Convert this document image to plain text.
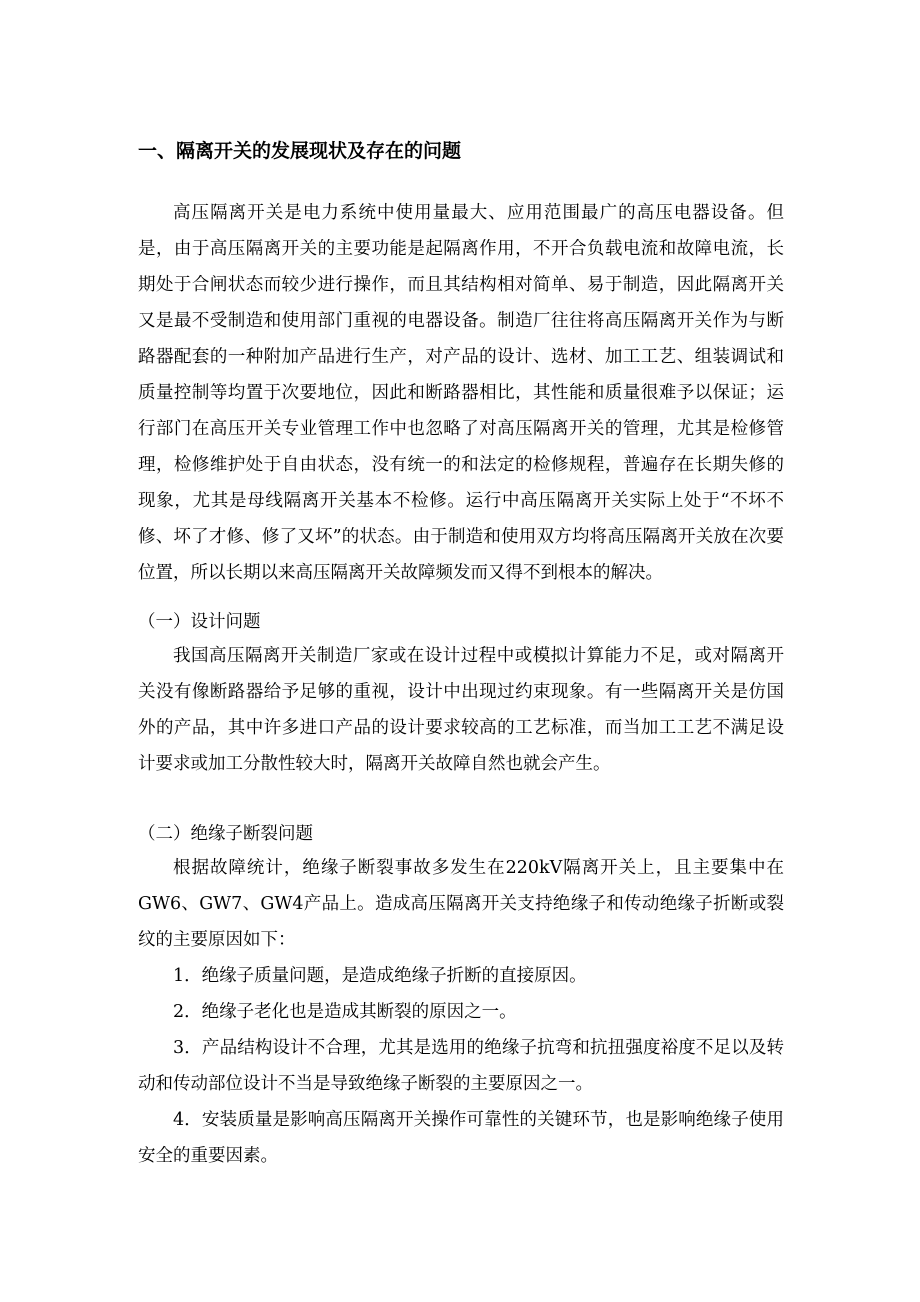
一、隔离开关的发展现状及存在的问题

高压隔离开关是电力系统中使用量最大、应用范围最广的高压电器设备。但是，由于高压隔离开关的主要功能是起隔离作用，不开合负载电流和故障电流，长期处于合闸状态而较少进行操作，而且其结构相对简单、易于制造，因此隔离开关又是最不受制造和使用部门重视的电器设备。制造厂往往将高压隔离开关作为与断路器配套的一种附加产品进行生产，对产品的设计、选材、加工工艺、组装调试和质量控制等均置于次要地位，因此和断路器相比，其性能和质量很难予以保证；运行部门在高压开关专业管理工作中也忽略了对高压隔离开关的管理，尤其是检修管理，检修维护处于自由状态，没有统一的和法定的检修规程，普遍存在长期失修的现象，尤其是母线隔离开关基本不检修。运行中高压隔离开关实际上处于“不坏不修、坏了才修、修了又坏”的状态。由于制造和使用双方均将高压隔离开关放在次要位置，所以长期以来高压隔离开关故障频发而又得不到根本的解决。

（一）设计问题

我国高压隔离开关制造厂家或在设计过程中或模拟计算能力不足，或对隔离开关没有像断路器给予足够的重视，设计中出现过约束现象。有一些隔离开关是仿国外的产品，其中许多进口产品的设计要求较高的工艺标准，而当加工工艺不满足设计要求或加工分散性较大时，隔离开关故障自然也就会产生。

（二）绝缘子断裂问题

根据故障统计，绝缘子断裂事故多发生在220kV隔离开关上，且主要集中在GW6、GW7、GW4产品上。造成高压隔离开关支持绝缘子和传动绝缘子折断或裂纹的主要原因如下：

1．绝缘子质量问题，是造成绝缘子折断的直接原因。

2．绝缘子老化也是造成其断裂的原因之一。

3．产品结构设计不合理，尤其是选用的绝缘子抗弯和抗扭强度裕度不足以及转动和传动部位设计不当是导致绝缘子断裂的主要原因之一。

4．安装质量是影响高压隔离开关操作可靠性的关键环节，也是影响绝缘子使用安全的重要因素。
